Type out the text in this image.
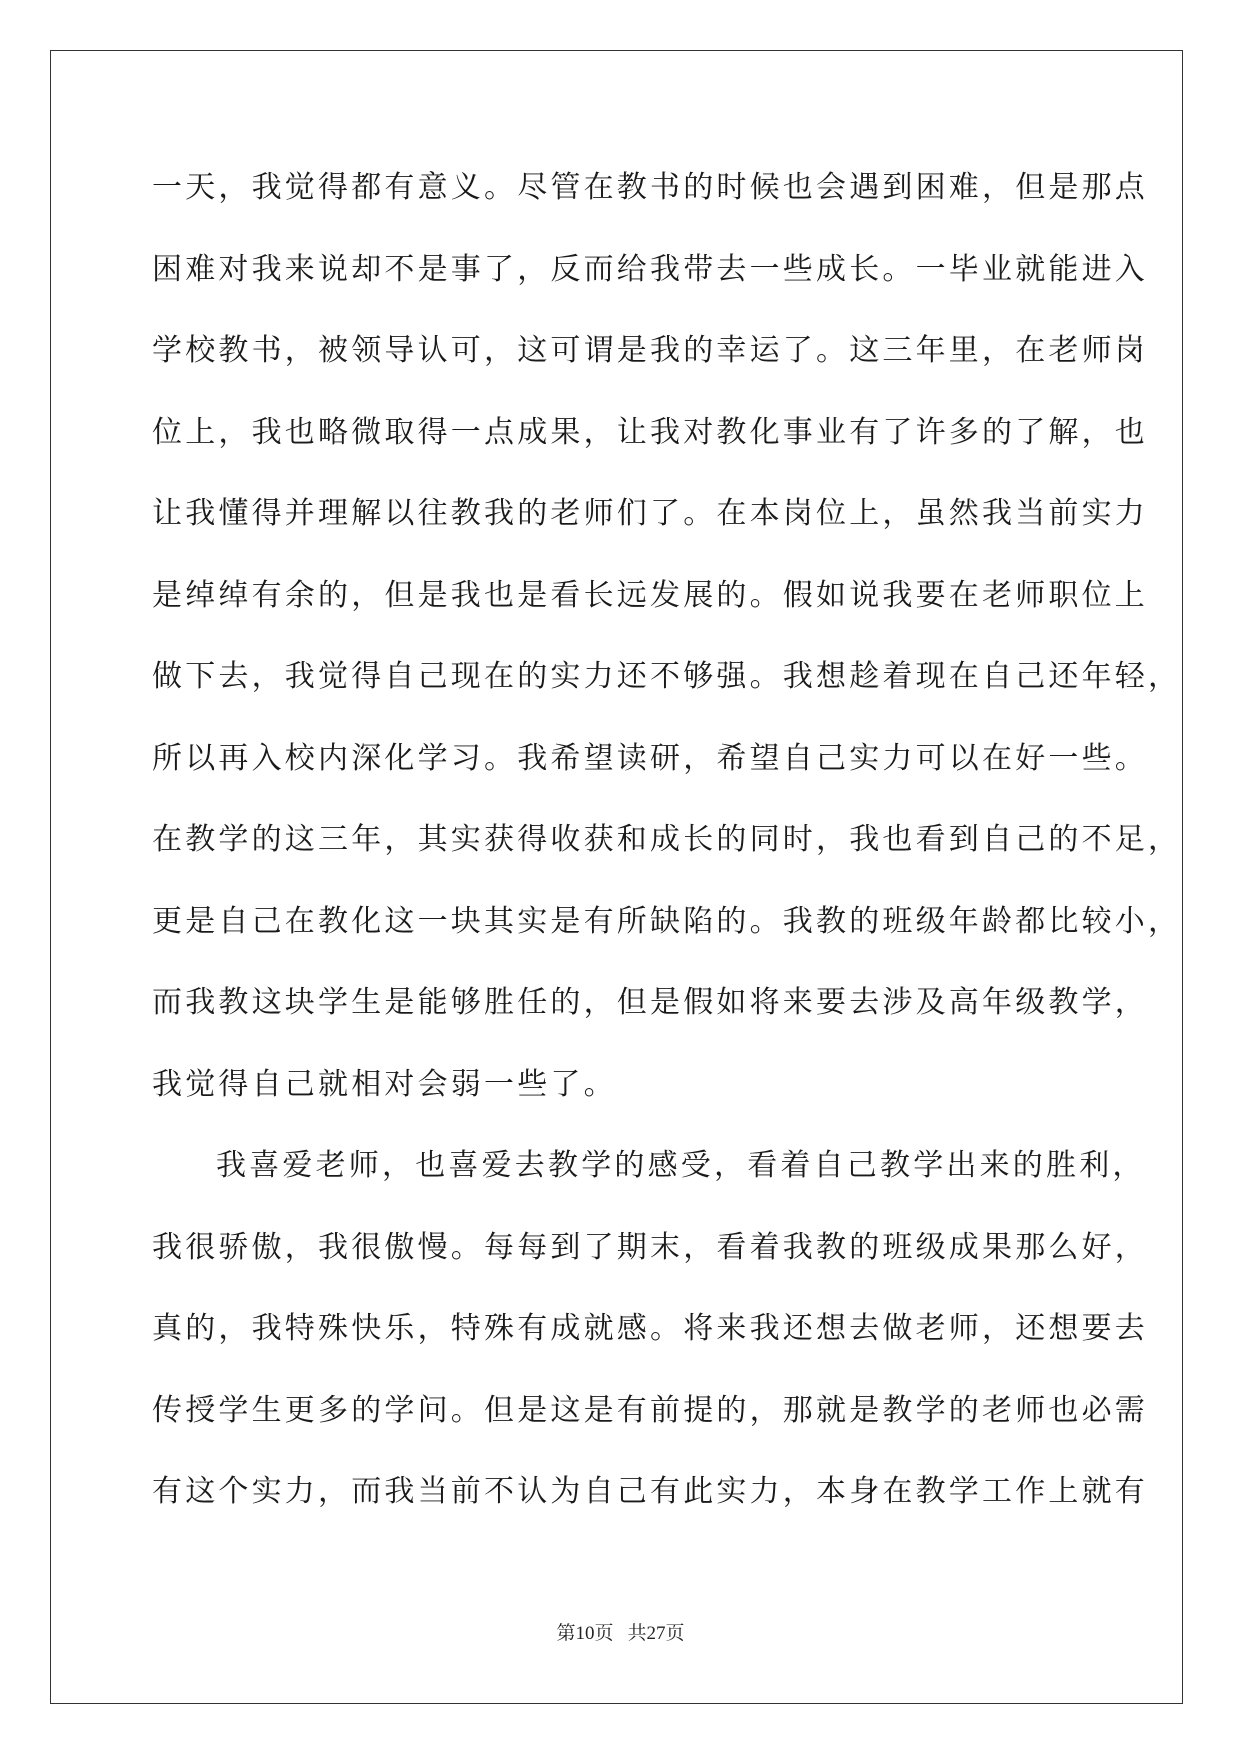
一天，我觉得都有意义。尽管在教书的时候也会遇到困难，但是那点
困难对我来说却不是事了，反而给我带去一些成长。一毕业就能进入
学校教书，被领导认可，这可谓是我的幸运了。这三年里，在老师岗
位上，我也略微取得一点成果，让我对教化事业有了许多的了解，也
让我懂得并理解以往教我的老师们了。在本岗位上，虽然我当前实力
是绰绰有余的，但是我也是看长远发展的。假如说我要在老师职位上
做下去，我觉得自己现在的实力还不够强。我想趁着现在自己还年轻，
所以再入校内深化学习。我希望读研，希望自己实力可以在好一些。
在教学的这三年，其实获得收获和成长的同时，我也看到自己的不足，
更是自己在教化这一块其实是有所缺陷的。我教的班级年龄都比较小，
而我教这块学生是能够胜任的，但是假如将来要去涉及高年级教学，
我觉得自己就相对会弱一些了。
我喜爱老师，也喜爱去教学的感受，看着自己教学出来的胜利，
我很骄傲，我很傲慢。每每到了期末，看着我教的班级成果那么好，
真的，我特殊快乐，特殊有成就感。将来我还想去做老师，还想要去
传授学生更多的学问。但是这是有前提的，那就是教学的老师也必需
有这个实力，而我当前不认为自己有此实力，本身在教学工作上就有
第10页 共27页
